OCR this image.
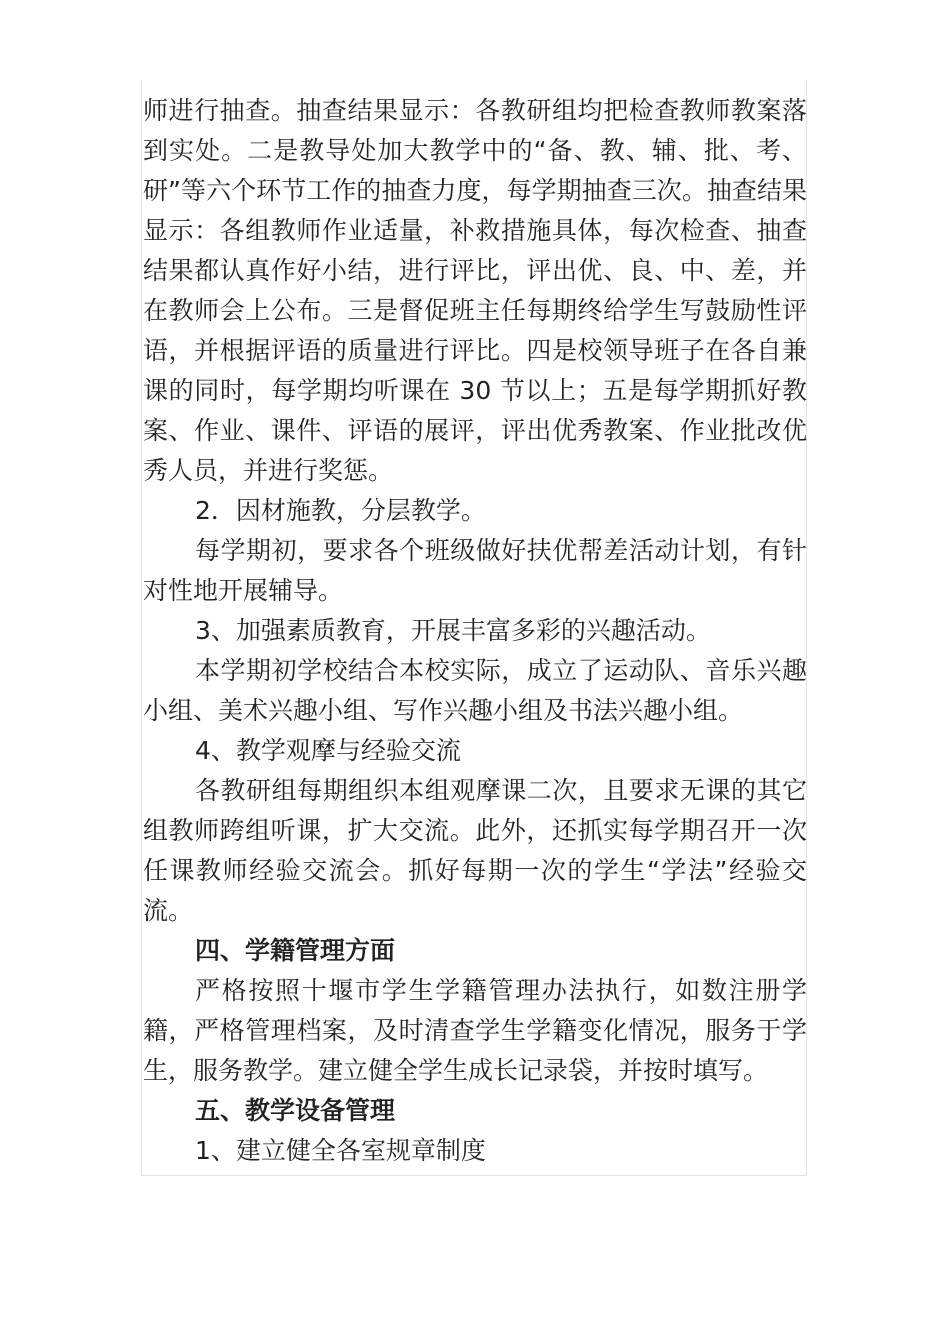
师进行抽查。抽查结果显示：各教研组均把检查教师教案落到实处。二是教导处加大教学中的“备、教、辅、批、考、研”等六个环节工作的抽查力度，每学期抽查三次。抽查结果显示：各组教师作业适量，补救措施具体，每次检查、抽查结果都认真作好小结，进行评比，评出优、良、中、差，并在教师会上公布。三是督促班主任每期终给学生写鼓励性评语，并根据评语的质量进行评比。四是校领导班子在各自兼课的同时，每学期均听课在 30 节以上；五是每学期抓好教案、作业、课件、评语的展评，评出优秀教案、作业批改优秀人员，并进行奖惩。

2．因材施教，分层教学。

每学期初，要求各个班级做好扶优帮差活动计划，有针对性地开展辅导。

3、加强素质教育，开展丰富多彩的兴趣活动。

本学期初学校结合本校实际，成立了运动队、音乐兴趣小组、美术兴趣小组、写作兴趣小组及书法兴趣小组。

4、教学观摩与经验交流

各教研组每期组织本组观摩课二次，且要求无课的其它组教师跨组听课，扩大交流。此外，还抓实每学期召开一次任课教师经验交流会。抓好每期一次的学生“学法”经验交流。

四、学籍管理方面

严格按照十堰市学生学籍管理办法执行，如数注册学籍，严格管理档案，及时清查学生学籍变化情况，服务于学生，服务教学。建立健全学生成长记录袋，并按时填写。

五、教学设备管理

1、建立健全各室规章制度
